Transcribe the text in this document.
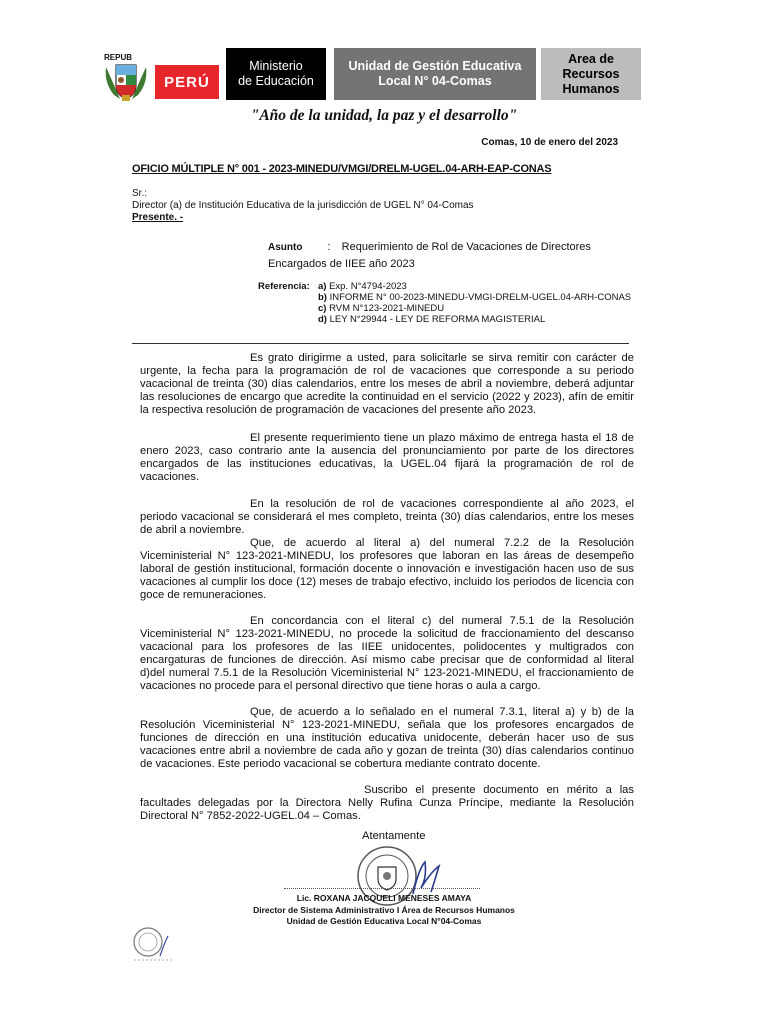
REPUB
PERÚ
Ministerio
de Educación
Unidad de Gestión Educativa
Local N° 04-Comas
Area de
Recursos
Humanos
"Año de la unidad, la paz y el desarrollo"
Comas, 10 de enero del 2023
OFICIO MÚLTIPLE N° 001 - 2023-MINEDU/VMGI/DRELM-UGEL.04-ARH-EAP-CONAS
Sr.:
Director (a) de Institución Educativa de la jurisdicción de UGEL N° 04-Comas
Presente. -
Asunto : Requerimiento de Rol de Vacaciones de Directores Encargados de IIEE año 2023
Referencia: a) Exp. N°4794-2023
b) INFORME N° 00-2023-MINEDU-VMGI-DRELM-UGEL.04-ARH-CONAS
c) RVM N°123-2021-MINEDU
d) LEY N°29944 - LEY DE REFORMA MAGISTERIAL

Es grato dirigirme a usted, para solicitarle se sirva remitir con carácter de urgente, la fecha para la programación de rol de vacaciones que corresponde a su periodo vacacional de treinta (30) días calendarios, entre los meses de abril a noviembre, deberá adjuntar las resoluciones de encargo que acredite la continuidad en el servicio (2022 y 2023), afín de emitir la respectiva resolución de programación de vacaciones del presente año 2023.

El presente requerimiento tiene un plazo máximo de entrega hasta el 18 de enero 2023, caso contrario ante la ausencia del pronunciamiento por parte de los directores encargados de las instituciones educativas, la UGEL.04 fijará la programación de rol de vacaciones.

En la resolución de rol de vacaciones correspondiente al año 2023, el periodo vacacional se considerará el mes completo, treinta (30) días calendarios, entre los meses de abril a noviembre.

Que, de acuerdo al literal a) del numeral 7.2.2 de la Resolución Viceministerial N° 123-2021-MINEDU, los profesores que laboran en las áreas de desempeño laboral de gestión institucional, formación docente o innovación e investigación hacen uso de sus vacaciones al cumplir los doce (12) meses de trabajo efectivo, incluido los periodos de licencia con goce de remuneraciones.

En concordancia con el literal c) del numeral 7.5.1 de la Resolución Viceministerial N° 123-2021-MINEDU, no procede la solicitud de fraccionamiento del descanso vacacional para los profesores de las IIEE unidocentes, polidocentes y multigrados con encargaturas de funciones de dirección. Así mismo cabe precisar que de conformidad al literal d)del numeral 7.5.1 de la Resolución Viceministerial N° 123-2021-MINEDU, el fraccionamiento de vacaciones no procede para el personal directivo que tiene horas o aula a cargo.

Que, de acuerdo a lo señalado en el numeral 7.3.1, literal a) y b) de la Resolución Viceministerial N° 123-2021-MINEDU, señala que los profesores encargados de funciones de dirección en una institución educativa unidocente, deberán hacer uso de sus vacaciones entre abril a noviembre de cada año y gozan de treinta (30) días calendarios continuo de vacaciones. Este periodo vacacional se cobertura mediante contrato docente.

Suscribo el presente documento en mérito a las facultades delegadas por la Directora Nelly Rufina Cunza Príncipe, mediante la Resolución Directoral N° 7852-2022-UGEL.04 – Comas.

Atentamente
Lic. ROXANA JACQUELI MENESES AMAYA
Director de Sistema Administrativo I Área de Recursos Humanos
Unidad de Gestión Educativa Local N°04-Comas
